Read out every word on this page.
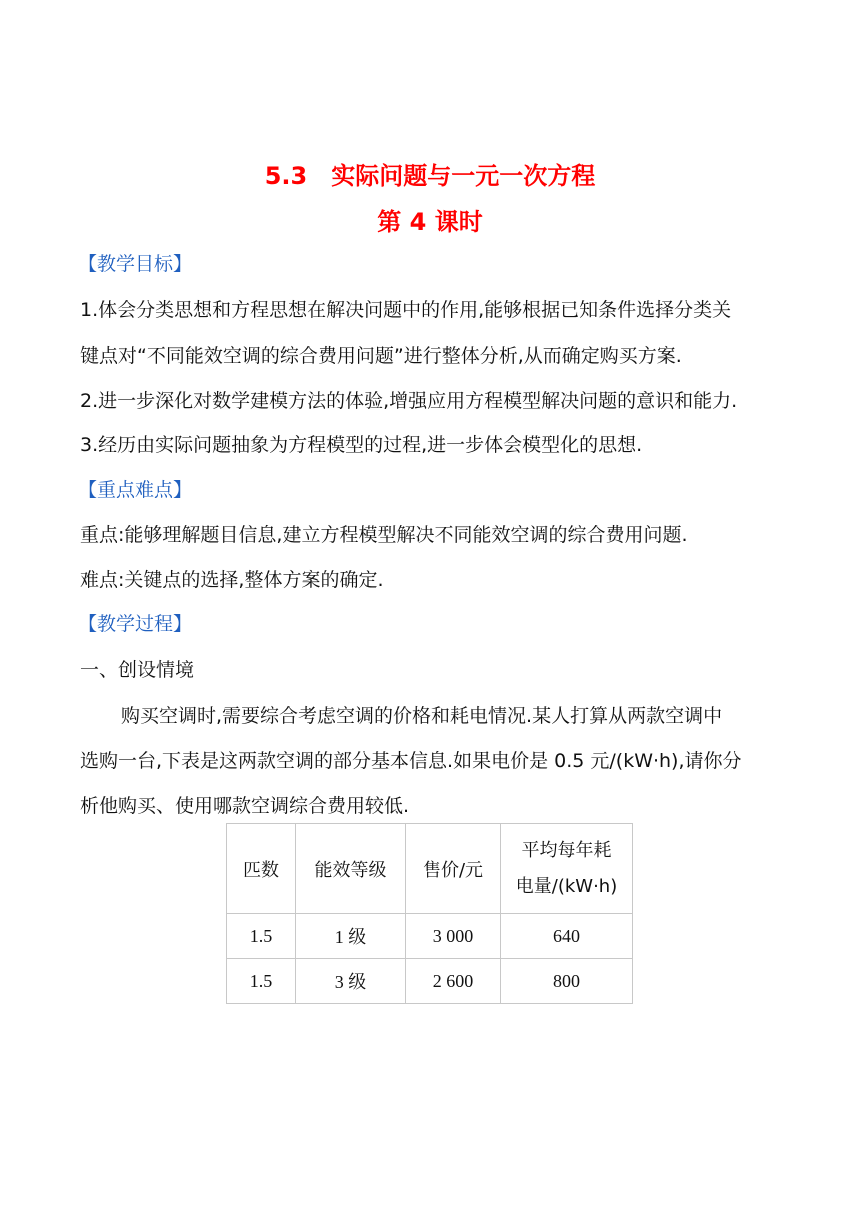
5.3　实际问题与一元一次方程
第 4 课时
【教学目标】
1.体会分类思想和方程思想在解决问题中的作用,能够根据已知条件选择分类关
键点对“不同能效空调的综合费用问题”进行整体分析,从而确定购买方案.
2.进一步深化对数学建模方法的体验,增强应用方程模型解决问题的意识和能力.
3.经历由实际问题抽象为方程模型的过程,进一步体会模型化的思想.
【重点难点】
重点:能够理解题目信息,建立方程模型解决不同能效空调的综合费用问题.
难点:关键点的选择,整体方案的确定.
【教学过程】
一、创设情境
购买空调时,需要综合考虑空调的价格和耗电情况.某人打算从两款空调中
选购一台,下表是这两款空调的部分基本信息.如果电价是 0.5 元/(kW·h),请你分
析他购买、使用哪款空调综合费用较低.
匹数	能效等级	售价/元	平均每年耗
电量/(kW·h)

1.5	1 级	3 000	640
1.5	3 级	2 600	800
